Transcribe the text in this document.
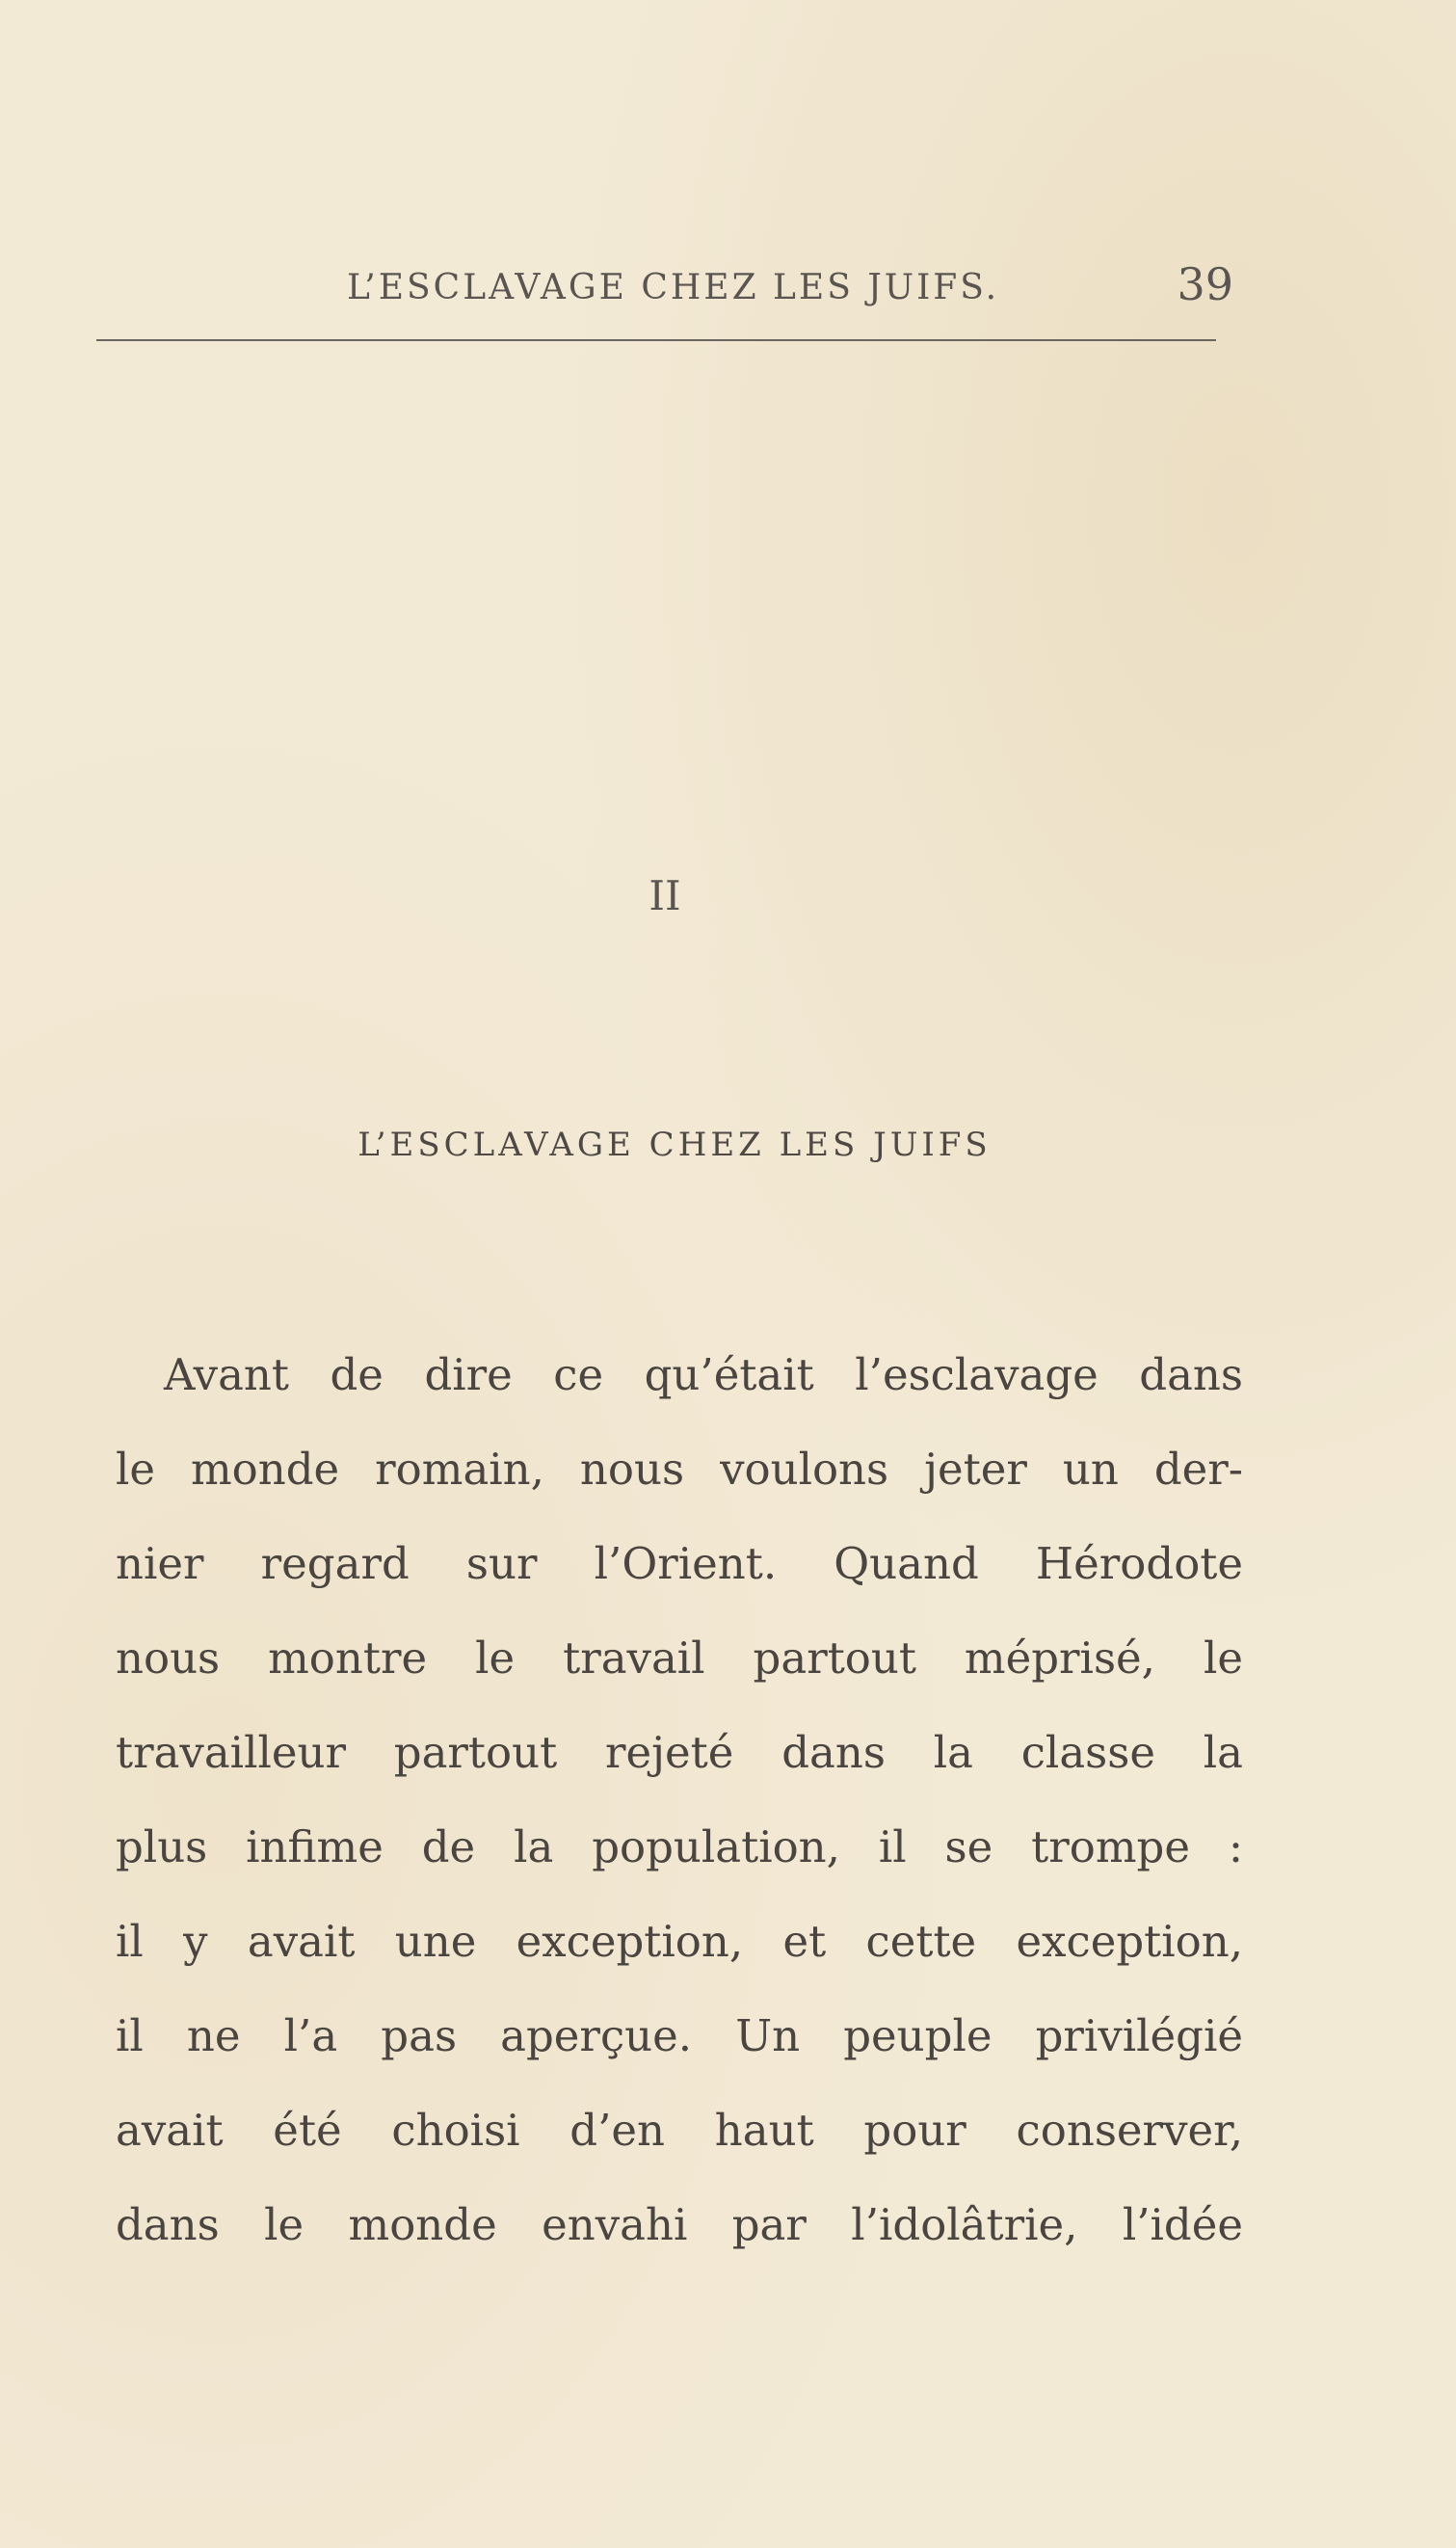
L’ESCLAVAGE CHEZ LES JUIFS.	39
II
L’ESCLAVAGE CHEZ LES JUIFS
Avant de dire ce qu’était l’esclavage dans
le monde romain, nous voulons jeter un der-
nier regard sur l’Orient. Quand Hérodote
nous montre le travail partout méprisé, le
travailleur partout rejeté dans la classe la
plus infime de la population, il se trompe :
il y avait une exception, et cette exception,
il ne l’a pas aperçue. Un peuple privilégié
avait été choisi d’en haut pour conserver,
dans le monde envahi par l’idolâtrie, l’idée
